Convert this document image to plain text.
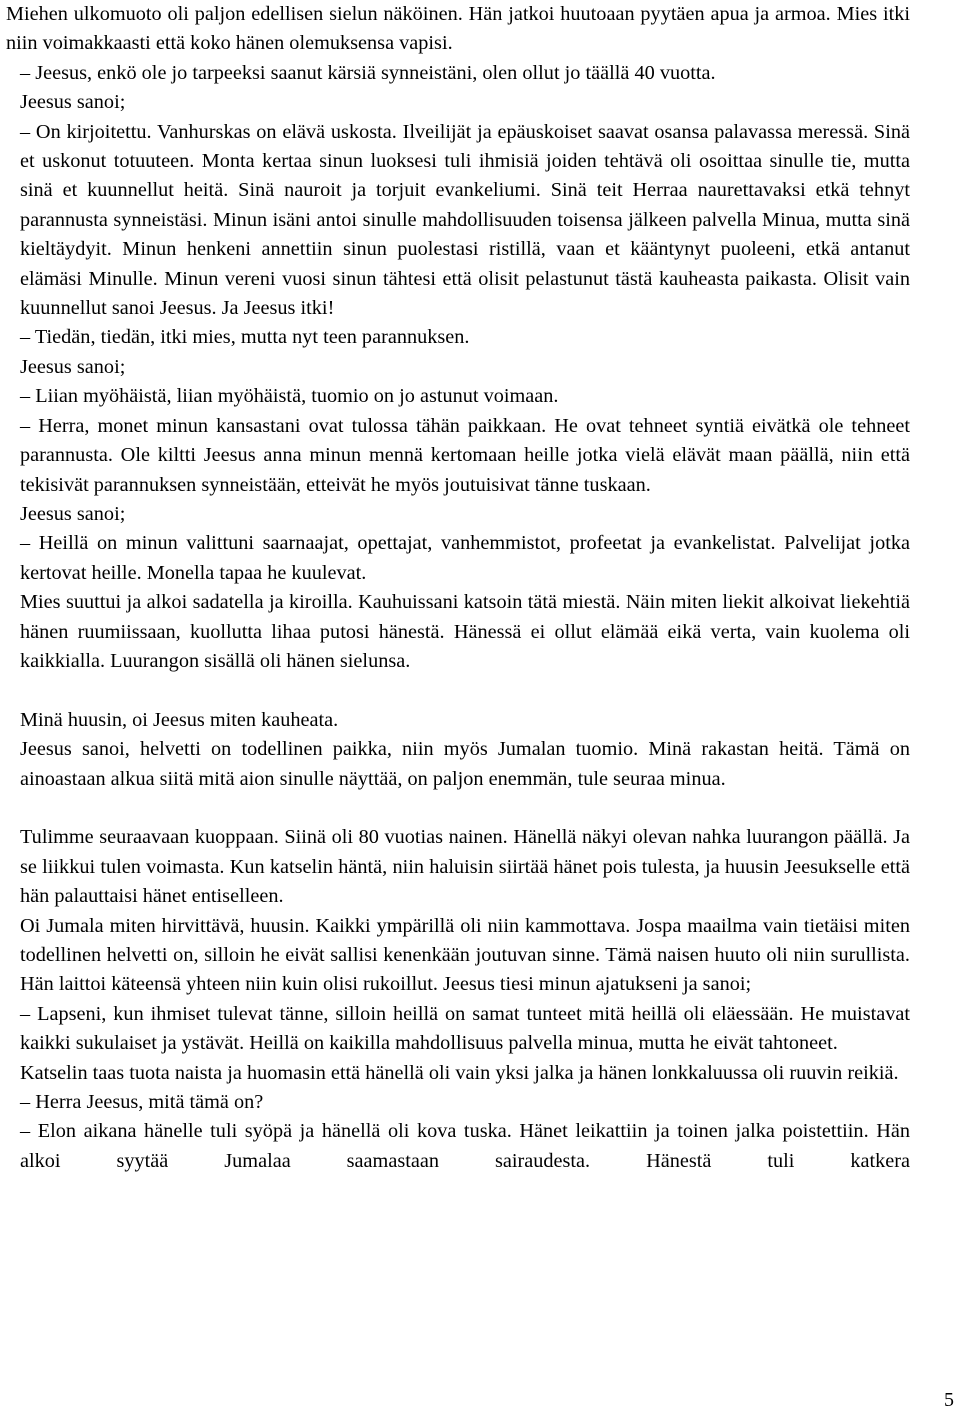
Miehen ulkomuoto oli paljon edellisen sielun näköinen. Hän jatkoi huutoaan pyytäen apua ja armoa. Mies itki niin voimakkaasti että koko hänen olemuksensa vapisi.

– Jeesus, enkö ole jo tarpeeksi saanut kärsiä synneistäni, olen ollut jo täällä 40 vuotta.

Jeesus sanoi;

– On kirjoitettu. Vanhurskas on elävä uskosta. Ilveilijät ja epäuskoiset saavat osansa palavassa meressä. Sinä et uskonut totuuteen. Monta kertaa sinun luoksesi tuli ihmisiä joiden tehtävä oli osoittaa sinulle tie, mutta sinä et kuunnellut heitä. Sinä nauroit ja torjuit evankeliumi. Sinä teit Herraa naurettavaksi etkä tehnyt parannusta synneistäsi. Minun isäni antoi sinulle mahdollisuuden toisensa jälkeen palvella Minua, mutta sinä kieltäydyit. Minun henkeni annettiin sinun puolestasi ristillä, vaan et kääntynyt puoleeni, etkä antanut elämäsi Minulle. Minun vereni vuosi sinun tähtesi että olisit pelastunut tästä kauheasta paikasta. Olisit vain kuunnellut sanoi Jeesus. Ja Jeesus itki!

– Tiedän, tiedän, itki mies, mutta nyt teen parannuksen.

Jeesus sanoi;

– Liian myöhäistä, liian myöhäistä, tuomio on jo astunut voimaan.

– Herra, monet minun kansastani ovat tulossa tähän paikkaan. He ovat tehneet syntiä eivätkä ole tehneet parannusta. Ole kiltti Jeesus anna minun mennä kertomaan heille jotka vielä elävät maan päällä, niin että tekisivät parannuksen synneistään, etteivät he myös joutuisivat tänne tuskaan.

Jeesus sanoi;

– Heillä on minun valittuni saarnaajat, opettajat, vanhemmistot, profeetat ja evankelistat. Palvelijat jotka kertovat heille. Monella tapaa he kuulevat.

Mies suuttui ja alkoi sadatella ja kiroilla. Kauhuissani katsoin tätä miestä. Näin miten liekit alkoivat liekehtiä hänen ruumiissaan, kuollutta lihaa putosi hänestä. Hänessä ei ollut elämää eikä verta, vain kuolema oli kaikkialla. Luurangon sisällä oli hänen sielunsa.

Minä huusin, oi Jeesus miten kauheata.

Jeesus sanoi, helvetti on todellinen paikka, niin myös Jumalan tuomio. Minä rakastan heitä. Tämä on ainoastaan alkua siitä mitä aion sinulle näyttää, on paljon enemmän, tule seuraa minua.

Tulimme seuraavaan kuoppaan. Siinä oli 80 vuotias nainen. Hänellä näkyi olevan nahka luurangon päällä. Ja se liikkui tulen voimasta. Kun katselin häntä, niin haluisin siirtää hänet pois tulesta, ja huusin Jeesukselle että hän palauttaisi hänet entiselleen.

Oi Jumala miten hirvittävä, huusin. Kaikki ympärillä oli niin kammottava. Jospa maailma vain tietäisi miten todellinen helvetti on, silloin he eivät sallisi kenenkään joutuvan sinne. Tämä naisen huuto oli niin surullista. Hän laittoi käteensä yhteen niin kuin olisi rukoillut. Jeesus tiesi minun ajatukseni ja sanoi;

– Lapseni, kun ihmiset tulevat tänne, silloin heillä on samat tunteet mitä heillä oli eläessään. He muistavat kaikki sukulaiset ja ystävät. Heillä on kaikilla mahdollisuus palvella minua, mutta he eivät tahtoneet.

Katselin taas tuota naista ja huomasin että hänellä oli vain yksi jalka ja hänen lonkkaluussa oli ruuvin reikiä.

– Herra Jeesus, mitä tämä on?

– Elon aikana hänelle tuli syöpä ja hänellä oli kova tuska. Hänet leikattiin ja toinen jalka poistettiin. Hän alkoi syytää Jumalaa saamastaan sairaudesta. Hänestä tuli katkera

5
